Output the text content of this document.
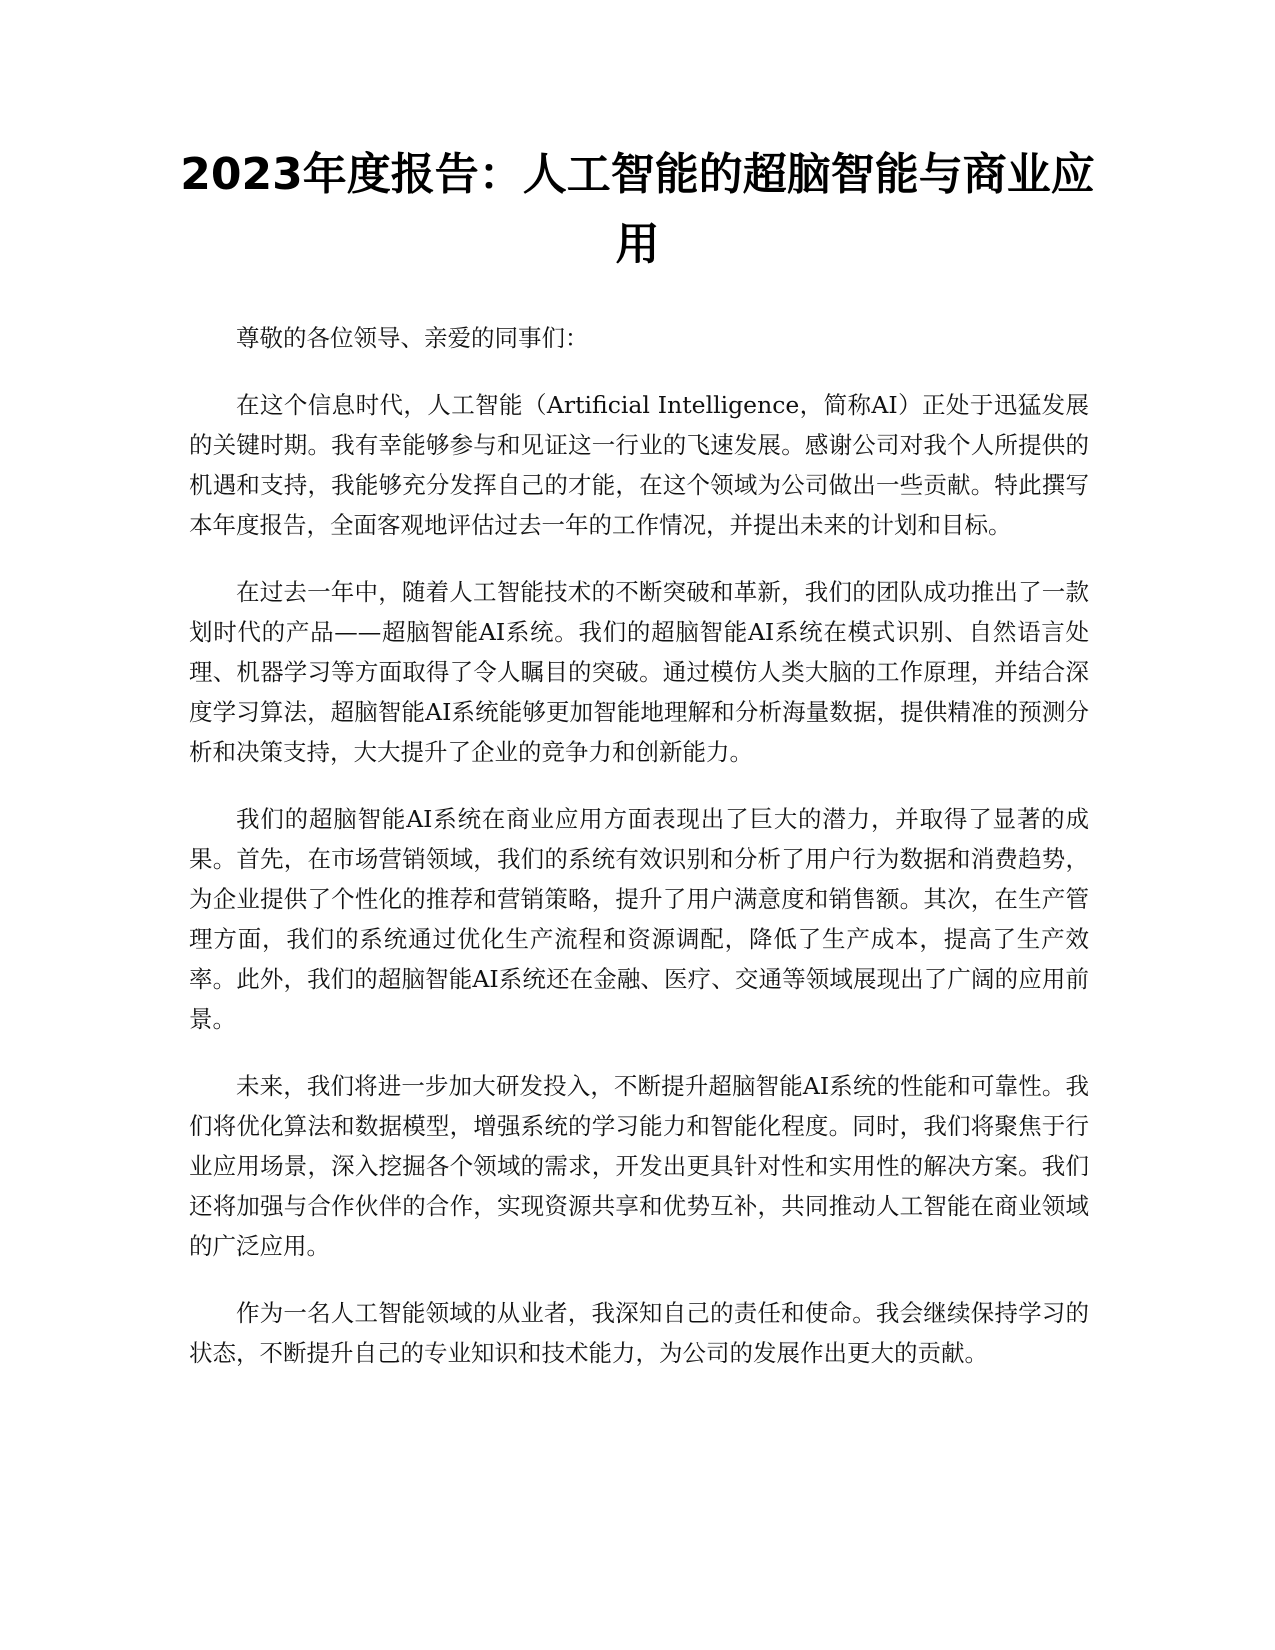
2023年度报告：人工智能的超脑智能与商业应用

尊敬的各位领导、亲爱的同事们：

在这个信息时代，人工智能（Artificial Intelligence，简称AI）正处于迅猛发展的关键时期。我有幸能够参与和见证这一行业的飞速发展。感谢公司对我个人所提供的机遇和支持，我能够充分发挥自己的才能，在这个领域为公司做出一些贡献。特此撰写本年度报告，全面客观地评估过去一年的工作情况，并提出未来的计划和目标。

在过去一年中，随着人工智能技术的不断突破和革新，我们的团队成功推出了一款划时代的产品——超脑智能AI系统。我们的超脑智能AI系统在模式识别、自然语言处理、机器学习等方面取得了令人瞩目的突破。通过模仿人类大脑的工作原理，并结合深度学习算法，超脑智能AI系统能够更加智能地理解和分析海量数据，提供精准的预测分析和决策支持，大大提升了企业的竞争力和创新能力。

我们的超脑智能AI系统在商业应用方面表现出了巨大的潜力，并取得了显著的成果。首先，在市场营销领域，我们的系统有效识别和分析了用户行为数据和消费趋势，为企业提供了个性化的推荐和营销策略，提升了用户满意度和销售额。其次，在生产管理方面，我们的系统通过优化生产流程和资源调配，降低了生产成本，提高了生产效率。此外，我们的超脑智能AI系统还在金融、医疗、交通等领域展现出了广阔的应用前景。

未来，我们将进一步加大研发投入，不断提升超脑智能AI系统的性能和可靠性。我们将优化算法和数据模型，增强系统的学习能力和智能化程度。同时，我们将聚焦于行业应用场景，深入挖掘各个领域的需求，开发出更具针对性和实用性的解决方案。我们还将加强与合作伙伴的合作，实现资源共享和优势互补，共同推动人工智能在商业领域的广泛应用。

作为一名人工智能领域的从业者，我深知自己的责任和使命。我会继续保持学习的状态，不断提升自己的专业知识和技术能力，为公司的发展作出更大的贡献。
